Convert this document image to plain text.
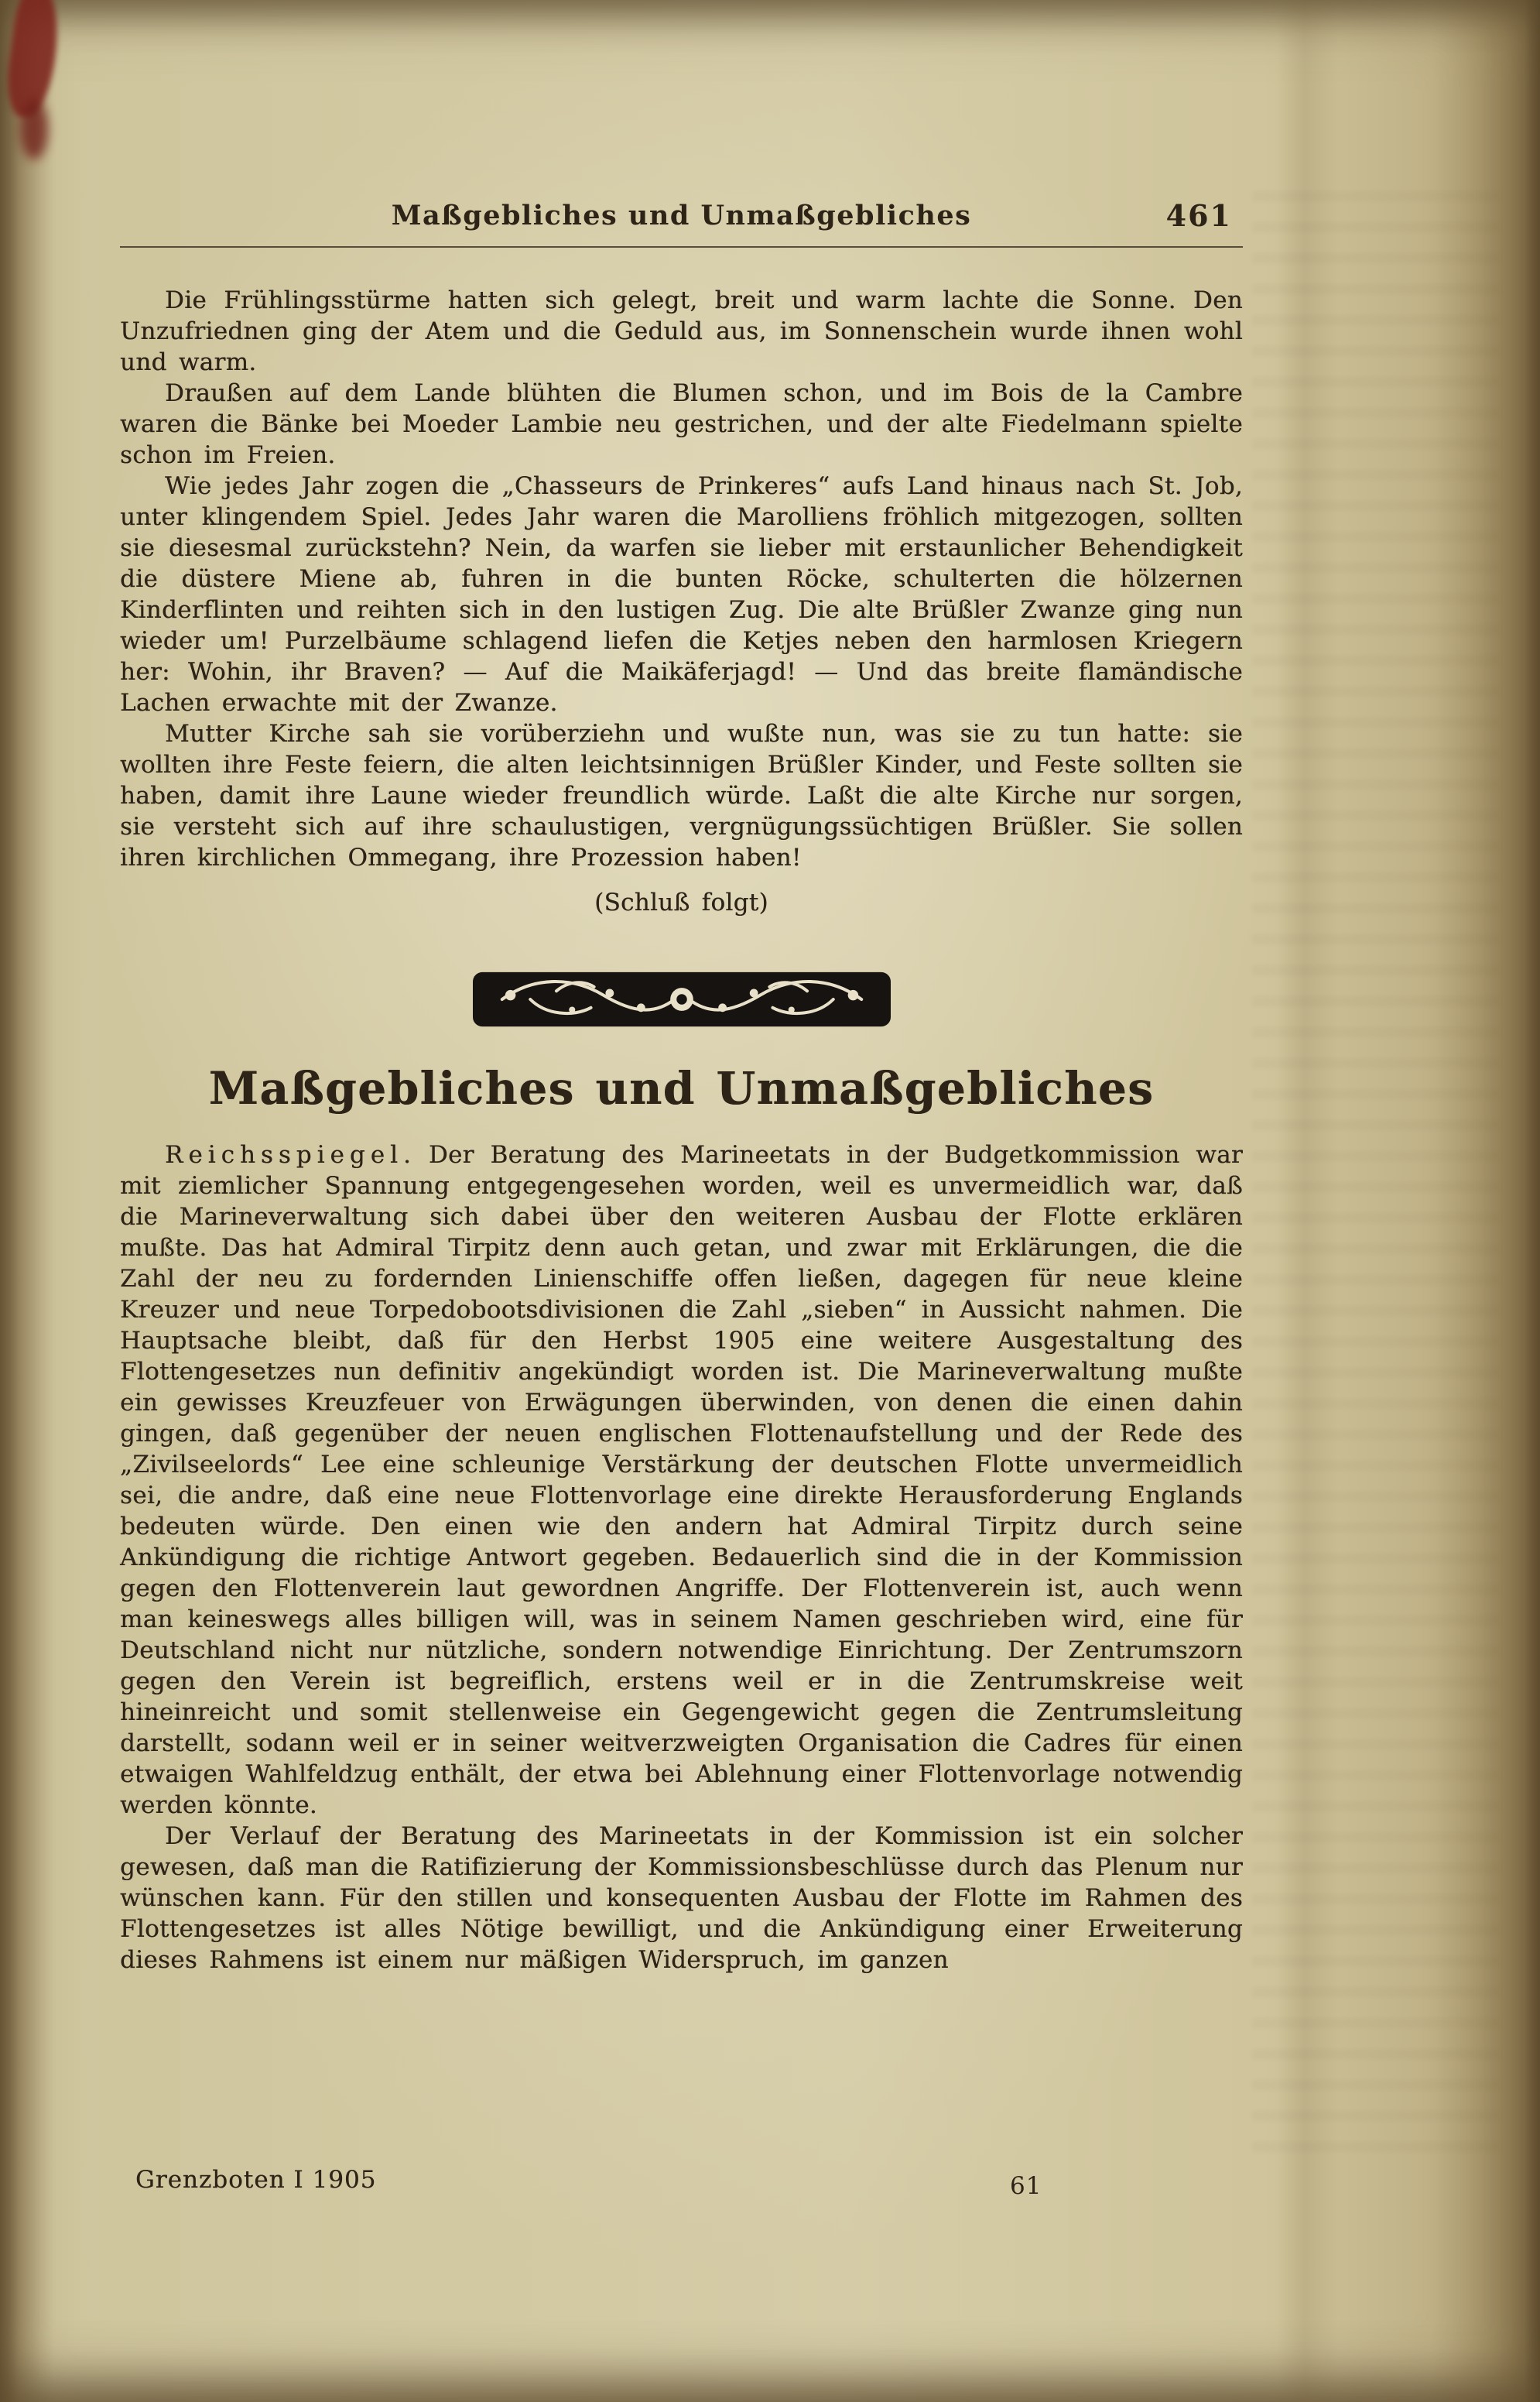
Maßgebliches und Unmaßgebliches	461

Die Frühlingsstürme hatten sich gelegt, breit und warm lachte die Sonne. Den Unzufriednen ging der Atem und die Geduld aus, im Sonnenschein wurde ihnen wohl und warm.

Draußen auf dem Lande blühten die Blumen schon, und im Bois de la Cambre waren die Bänke bei Moeder Lambie neu gestrichen, und der alte Fiedelmann spielte schon im Freien.

Wie jedes Jahr zogen die „Chasseurs de Prinkeres“ aufs Land hinaus nach St. Job, unter klingendem Spiel. Jedes Jahr waren die Marolliens fröhlich mitgezogen, sollten sie diesesmal zurückstehn? Nein, da warfen sie lieber mit erstaunlicher Behendigkeit die düstere Miene ab, fuhren in die bunten Röcke, schulterten die hölzernen Kinderflinten und reihten sich in den lustigen Zug. Die alte Brüßler Zwanze ging nun wieder um! Purzelbäume schlagend liefen die Ketjes neben den harmlosen Kriegern her: Wohin, ihr Braven? — Auf die Maikäferjagd! — Und das breite flamändische Lachen erwachte mit der Zwanze.

Mutter Kirche sah sie vorüberziehn und wußte nun, was sie zu tun hatte: sie wollten ihre Feste feiern, die alten leichtsinnigen Brüßler Kinder, und Feste sollten sie haben, damit ihre Laune wieder freundlich würde. Laßt die alte Kirche nur sorgen, sie versteht sich auf ihre schaulustigen, vergnügungssüchtigen Brüßler. Sie sollen ihren kirchlichen Ommegang, ihre Prozession haben!

(Schluß folgt)

Maßgebliches und Unmaßgebliches

Reichsspiegel. Der Beratung des Marineetats in der Budgetkommission war mit ziemlicher Spannung entgegengesehen worden, weil es unvermeidlich war, daß die Marineverwaltung sich dabei über den weiteren Ausbau der Flotte erklären mußte. Das hat Admiral Tirpitz denn auch getan, und zwar mit Erklärungen, die die Zahl der neu zu fordernden Linienschiffe offen ließen, dagegen für neue kleine Kreuzer und neue Torpedobootsdivisionen die Zahl „sieben“ in Aussicht nahmen. Die Hauptsache bleibt, daß für den Herbst 1905 eine weitere Ausgestaltung des Flottengesetzes nun definitiv angekündigt worden ist. Die Marineverwaltung mußte ein gewisses Kreuzfeuer von Erwägungen überwinden, von denen die einen dahin gingen, daß gegenüber der neuen englischen Flottenaufstellung und der Rede des „Zivilseelords“ Lee eine schleunige Verstärkung der deutschen Flotte unvermeidlich sei, die andre, daß eine neue Flottenvorlage eine direkte Herausforderung Englands bedeuten würde. Den einen wie den andern hat Admiral Tirpitz durch seine Ankündigung die richtige Antwort gegeben. Bedauerlich sind die in der Kommission gegen den Flottenverein laut gewordnen Angriffe. Der Flottenverein ist, auch wenn man keineswegs alles billigen will, was in seinem Namen geschrieben wird, eine für Deutschland nicht nur nützliche, sondern notwendige Einrichtung. Der Zentrumszorn gegen den Verein ist begreiflich, erstens weil er in die Zentrumskreise weit hineinreicht und somit stellenweise ein Gegengewicht gegen die Zentrumsleitung darstellt, sodann weil er in seiner weitverzweigten Organisation die Cadres für einen etwaigen Wahlfeldzug enthält, der etwa bei Ablehnung einer Flottenvorlage notwendig werden könnte.

Der Verlauf der Beratung des Marineetats in der Kommission ist ein solcher gewesen, daß man die Ratifizierung der Kommissionsbeschlüsse durch das Plenum nur wünschen kann. Für den stillen und konsequenten Ausbau der Flotte im Rahmen des Flottengesetzes ist alles Nötige bewilligt, und die Ankündigung einer Erweiterung dieses Rahmens ist einem nur mäßigen Widerspruch, im ganzen

Grenzboten I 1905	61
